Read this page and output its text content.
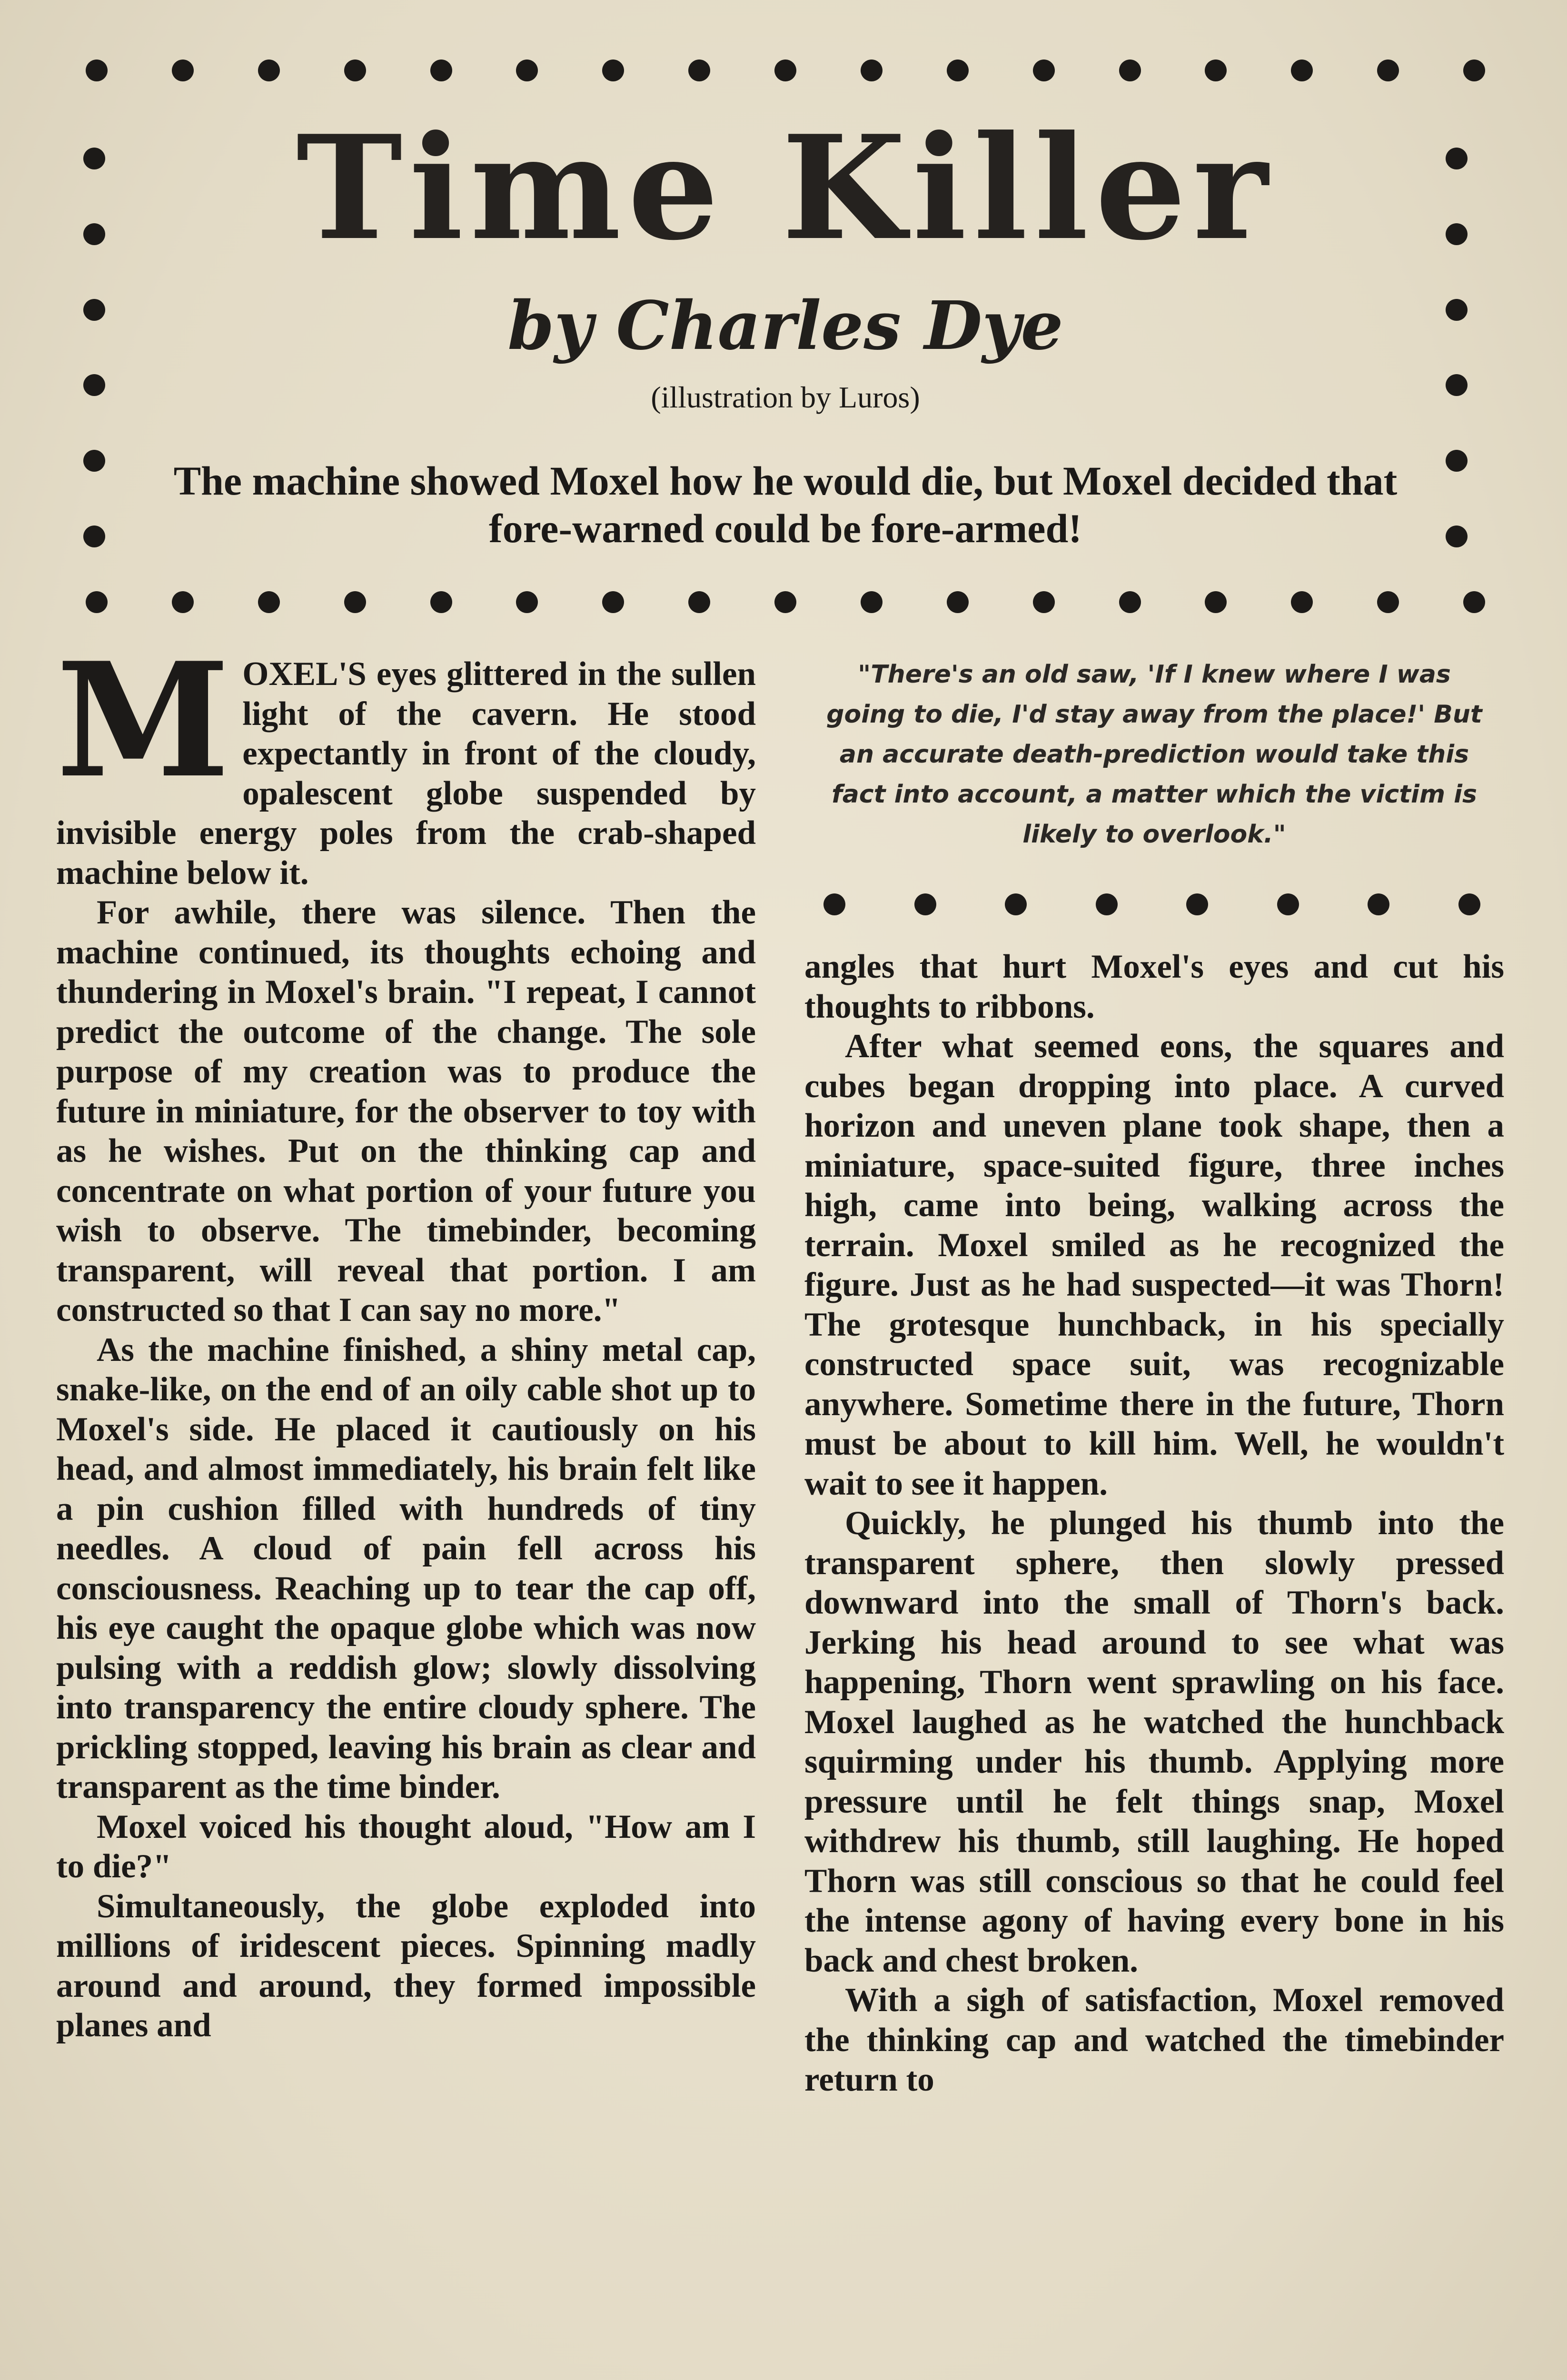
Time Killer
by Charles Dye
(illustration by Luros)
The machine showed Moxel how he would die, but Moxel decided that fore-warned could be fore-armed!

MOXEL'S eyes glittered in the sullen light of the cavern. He stood expectantly in front of the cloudy, opalescent globe suspended by invisible energy poles from the crab-shaped machine below it.

For awhile, there was silence. Then the machine continued, its thoughts echoing and thundering in Moxel's brain. "I repeat, I cannot predict the outcome of the change. The sole purpose of my creation was to produce the future in miniature, for the observer to toy with as he wishes. Put on the thinking cap and concentrate on what portion of your future you wish to observe. The timebinder, becoming transparent, will reveal that portion. I am constructed so that I can say no more."

As the machine finished, a shiny metal cap, snake-like, on the end of an oily cable shot up to Moxel's side. He placed it cautiously on his head, and almost immediately, his brain felt like a pin cushion filled with hundreds of tiny needles. A cloud of pain fell across his consciousness. Reaching up to tear the cap off, his eye caught the opaque globe which was now pulsing with a reddish glow; slowly dissolving into transparency the entire cloudy sphere. The prickling stopped, leaving his brain as clear and transparent as the time binder.

Moxel voiced his thought aloud, "How am I to die?"

Simultaneously, the globe exploded into millions of iridescent pieces. Spinning madly around and around, they formed impossible planes and

"There's an old saw, 'If I knew where I was going to die, I'd stay away from the place!' But an accurate death-prediction would take this fact into account, a matter which the victim is likely to overlook."

angles that hurt Moxel's eyes and cut his thoughts to ribbons.

After what seemed eons, the squares and cubes began dropping into place. A curved horizon and uneven plane took shape, then a miniature, space-suited figure, three inches high, came into being, walking across the terrain. Moxel smiled as he recognized the figure. Just as he had suspected—it was Thorn! The grotesque hunchback, in his specially constructed space suit, was recognizable anywhere. Sometime there in the future, Thorn must be about to kill him. Well, he wouldn't wait to see it happen.

Quickly, he plunged his thumb into the transparent sphere, then slowly pressed downward into the small of Thorn's back. Jerking his head around to see what was happening, Thorn went sprawling on his face. Moxel laughed as he watched the hunchback squirming under his thumb. Applying more pressure until he felt things snap, Moxel withdrew his thumb, still laughing. He hoped Thorn was still conscious so that he could feel the intense agony of having every bone in his back and chest broken.

With a sigh of satisfaction, Moxel removed the thinking cap and watched the timebinder return to
